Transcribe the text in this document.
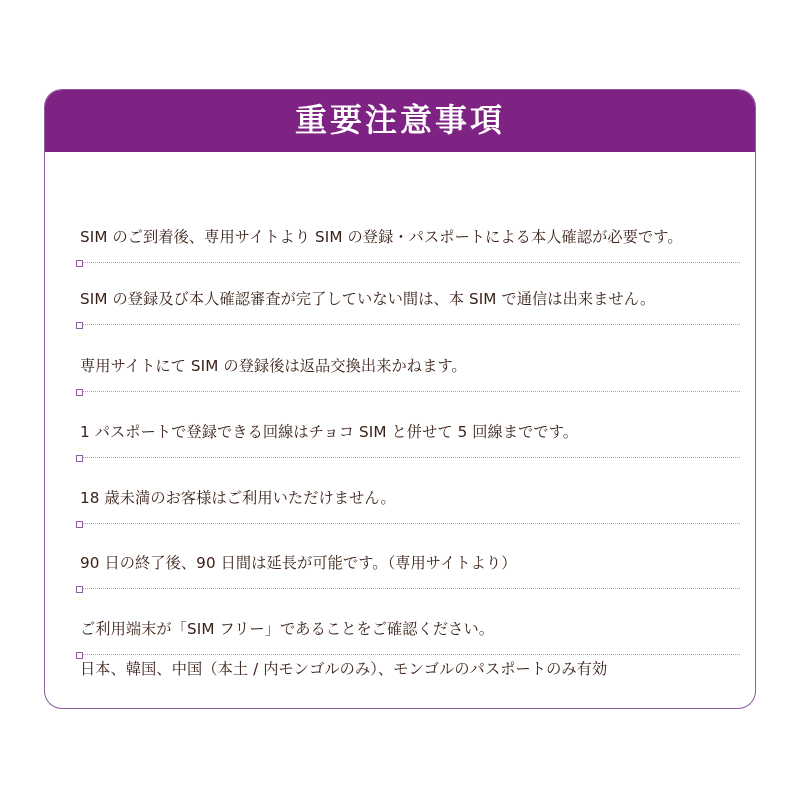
重要注意事項
SIM のご到着後、専用サイトより SIM の登録・パスポートによる本人確認が必要です。
SIM の登録及び本人確認審査が完了していない間は、本 SIM で通信は出来ません。
専用サイトにて SIM の登録後は返品交換出来かねます。
1 パスポートで登録できる回線はチョコ SIM と併せて 5 回線までです。
18 歳未満のお客様はご利用いただけません。
90 日の終了後、90 日間は延長が可能です。（専用サイトより）
ご利用端末が「SIM フリー」であることをご確認ください。
日本、韓国、中国（本土 / 内モンゴルのみ）、モンゴルのパスポートのみ有効
